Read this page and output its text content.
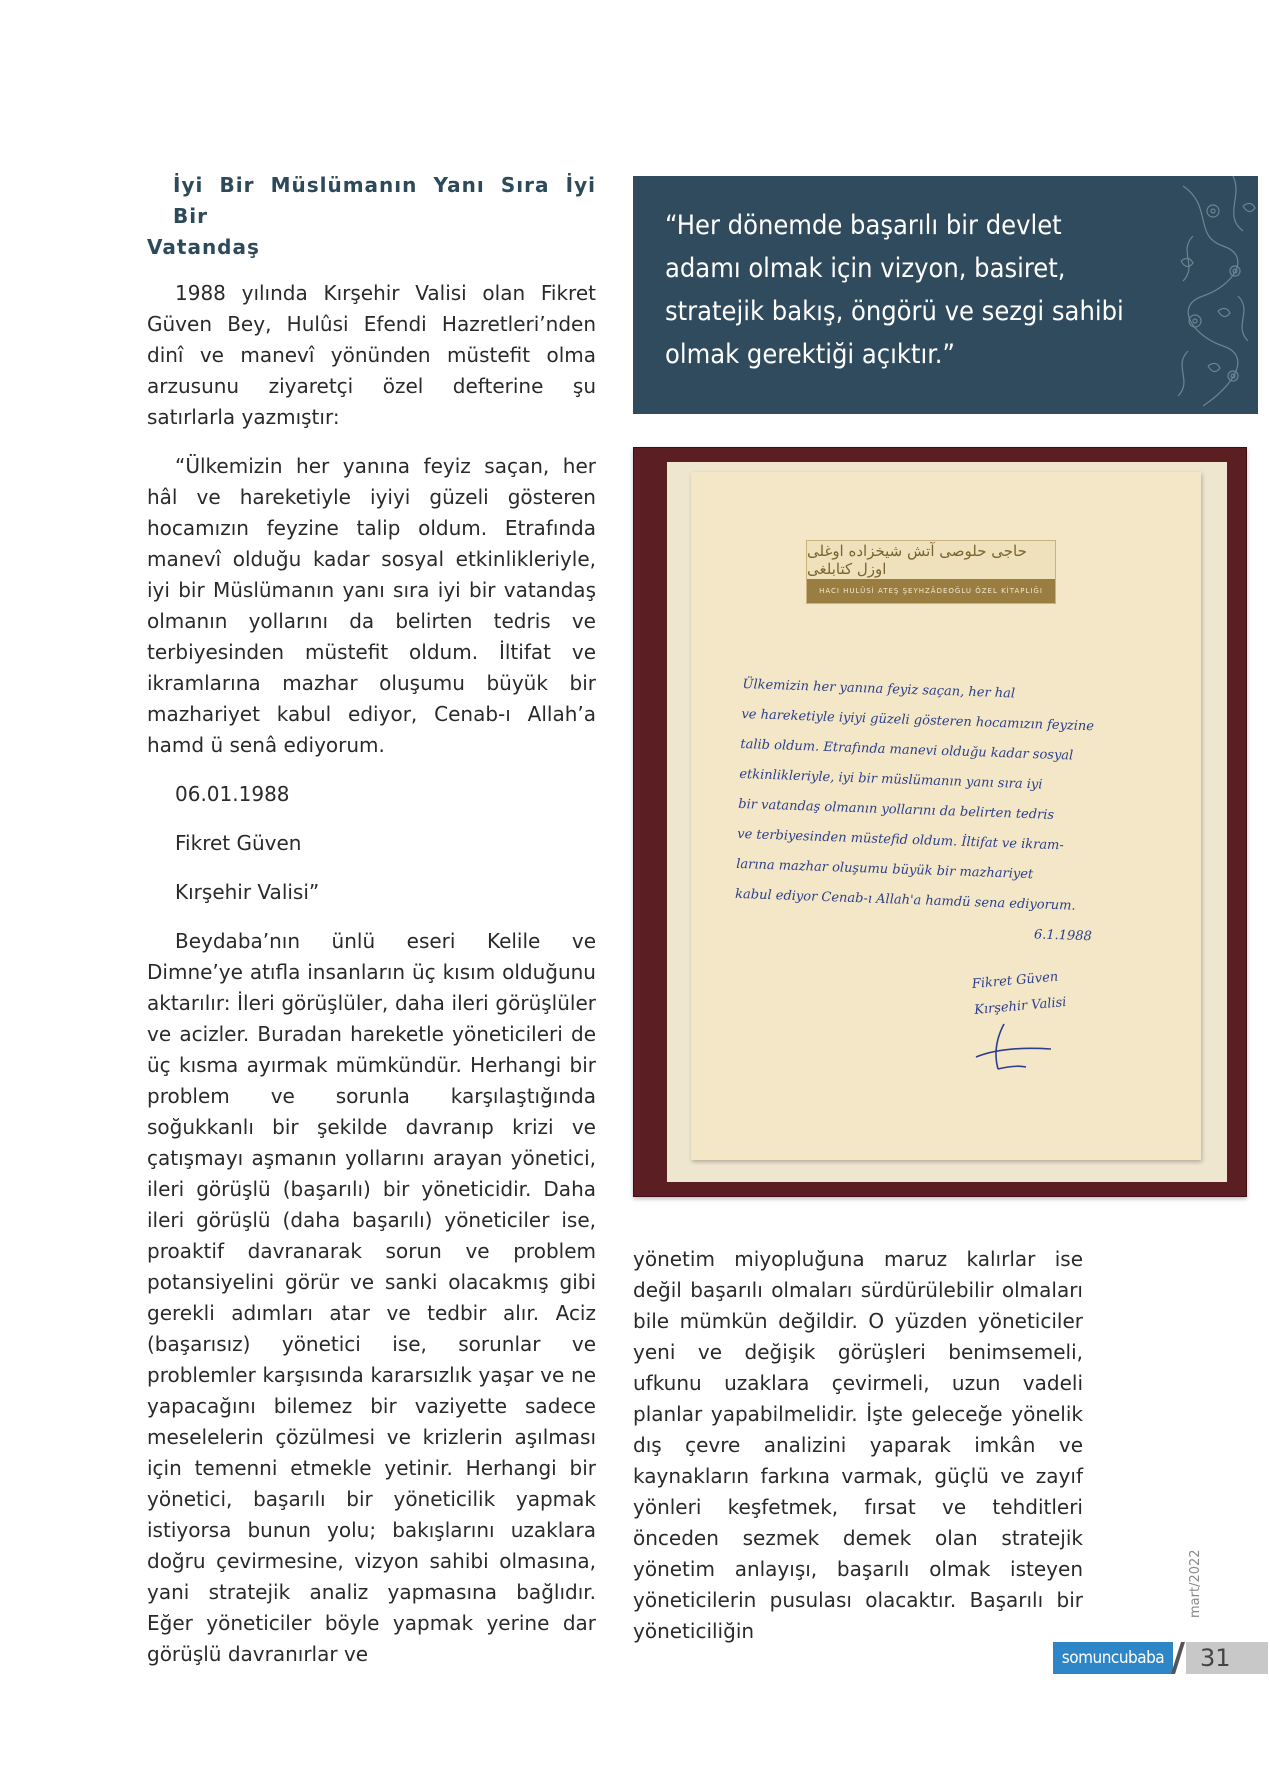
İyi Bir Müslümanın Yanı Sıra İyi Bir
Vatandaş

1988 yılında Kırşehir Valisi olan Fikret Güven Bey, Hulûsi Efendi Hazretleri’nden dinî ve manevî yönünden müstefit olma arzusunu ziyaretçi özel defterine şu satırlarla yazmıştır:

“Ülkemizin her yanına feyiz saçan, her hâl ve hareketiyle iyiyi güzeli gösteren hocamızın feyzine talip oldum. Etrafında manevî olduğu kadar sosyal etkinlikleriyle, iyi bir Müslümanın yanı sıra iyi bir vatandaş olmanın yollarını da belirten tedris ve terbiyesinden müstefit oldum. İltifat ve ikramlarına mazhar oluşumu büyük bir mazhariyet kabul ediyor, Cenab-ı Allah’a hamd ü senâ ediyorum.

06.01.1988
Fikret Güven
Kırşehir Valisi”

Beydaba’nın ünlü eseri Kelile ve Dimne’ye atıfla insanların üç kısım olduğunu aktarılır: İleri görüşlüler, daha ileri görüşlüler ve acizler. Buradan hareketle yöneticileri de üç kısma ayırmak mümkündür. Herhangi bir problem ve sorunla karşılaştığında soğukkanlı bir şekilde davranıp krizi ve çatışmayı aşmanın yollarını arayan yönetici, ileri görüşlü (başarılı) bir yöneticidir. Daha ileri görüşlü (daha başarılı) yöneticiler ise, proaktif davranarak sorun ve problem potansiyelini görür ve sanki olacakmış gibi gerekli adımları atar ve tedbir alır. Aciz (başarısız) yönetici ise, sorunlar ve problemler karşısında kararsızlık yaşar ve ne yapacağını bilemez bir vaziyette sadece meselelerin çözülmesi ve krizlerin aşılması için temenni etmekle yetinir. Herhangi bir yönetici, başarılı bir yöneticilik yapmak istiyorsa bunun yolu; bakışlarını uzaklara doğru çevirmesine, vizyon sahibi olmasına, yani stratejik analiz yapmasına bağlıdır. Eğer yöneticiler böyle yapmak yerine dar görüşlü davranırlar ve

“Her dönemde başarılı bir devlet adamı olmak için vizyon, basiret, stratejik bakış, öngörü ve sezgi sahibi olmak gerektiği açıktır.”
حاجی حلوصی آتش شیخزاده اوغلی اوزل کتابلغی
HACI HULÛSİ ATEŞ ŞEYHZÂDEOĞLU ÖZEL KİTAPLIĞI
Ülkemizin her yanına feyiz saçan, her hal
ve hareketiyle iyiyi güzeli gösteren hocamızın feyzine
talib oldum. Etrafında manevi olduğu kadar sosyal
etkinlikleriyle, iyi bir müslümanın yanı sıra iyi
bir vatandaş olmanın yollarını da belirten tedris
ve terbiyesinden müstefid oldum. İltifat ve ikram-
larına mazhar oluşumu büyük bir mazhariyet
kabul ediyor Cenab-ı Allah'a hamdü sena ediyorum.
6.1.1988
Fikret Güven
Kırşehir Valisi

yönetim miyopluğuna maruz kalırlar ise değil başarılı olmaları sürdürülebilir olmaları bile mümkün değildir. O yüzden yöneticiler yeni ve değişik görüşleri benimsemeli, ufkunu uzaklara çevirmeli, uzun vadeli planlar yapabilmelidir. İşte geleceğe yönelik dış çevre analizini yaparak imkân ve kaynakların farkına varmak, güçlü ve zayıf yönleri keşfetmek, fırsat ve tehditleri önceden sezmek demek olan stratejik yönetim anlayışı, başarılı olmak isteyen yöneticilerin pusulası olacaktır. Başarılı bir yöneticiliğin

mart/2022
somuncubaba	31
